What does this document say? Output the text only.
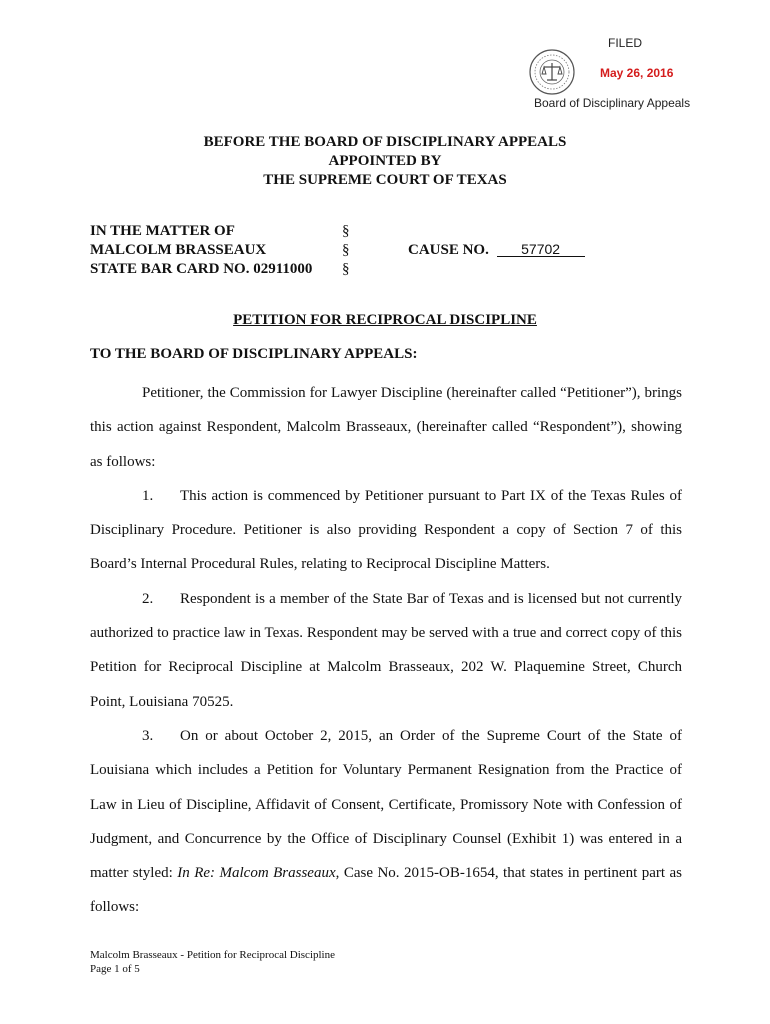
FILED
May 26, 2016
Board of Disciplinary Appeals
BEFORE THE BOARD OF DISCIPLINARY APPEALS
APPOINTED BY
THE SUPREME COURT OF TEXAS
IN THE MATTER OF
MALCOLM BRASSEAUX
STATE BAR CARD NO. 02911000
§
§
§
CAUSE NO. 57702
PETITION FOR RECIPROCAL DISCIPLINE
TO THE BOARD OF DISCIPLINARY APPEALS:

Petitioner, the Commission for Lawyer Discipline (hereinafter called “Petitioner”), brings this action against Respondent, Malcolm Brasseaux, (hereinafter called “Respondent”), showing as follows:

1. This action is commenced by Petitioner pursuant to Part IX of the Texas Rules of Disciplinary Procedure. Petitioner is also providing Respondent a copy of Section 7 of this Board’s Internal Procedural Rules, relating to Reciprocal Discipline Matters.

2. Respondent is a member of the State Bar of Texas and is licensed but not currently authorized to practice law in Texas. Respondent may be served with a true and correct copy of this Petition for Reciprocal Discipline at Malcolm Brasseaux, 202 W. Plaquemine Street, Church Point, Louisiana 70525.

3. On or about October 2, 2015, an Order of the Supreme Court of the State of Louisiana which includes a Petition for Voluntary Permanent Resignation from the Practice of Law in Lieu of Discipline, Affidavit of Consent, Certificate, Promissory Note with Confession of Judgment, and Concurrence by the Office of Disciplinary Counsel (Exhibit 1) was entered in a matter styled: In Re: Malcom Brasseaux, Case No. 2015-OB-1654, that states in pertinent part as follows:

Malcolm Brasseaux - Petition for Reciprocal Discipline
Page 1 of 5
